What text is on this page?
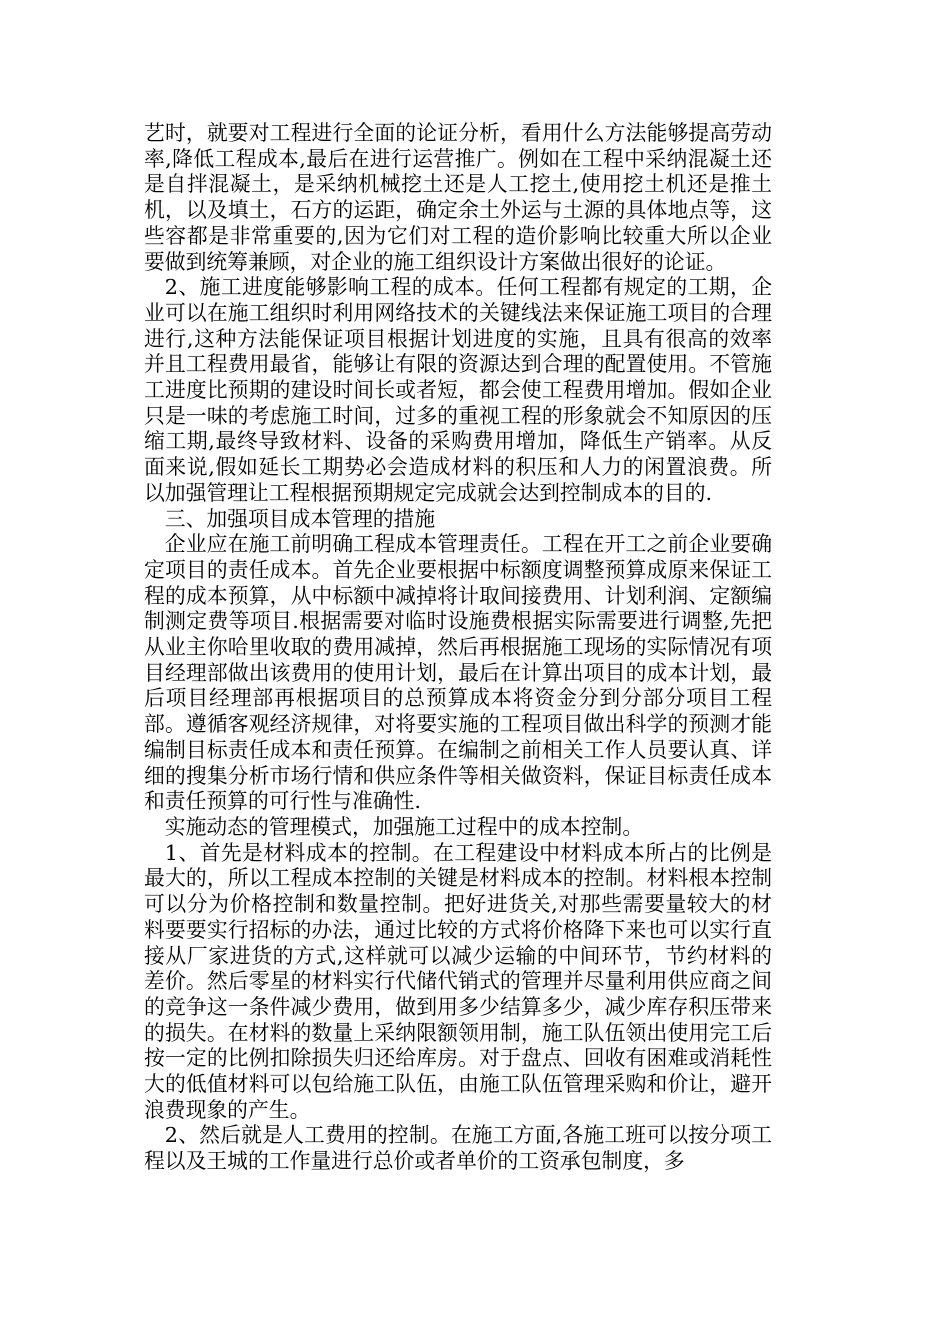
艺时，就要对工程进行全面的论证分析，看用什么方法能够提高劳动率,降低工程成本,最后在进行运营推广。例如在工程中采纳混凝土还是自拌混凝土，是采纳机械挖土还是人工挖土,使用挖土机还是推土机，以及填土，石方的运距，确定余土外运与土源的具体地点等，这些容都是非常重要的,因为它们对工程的造价影响比较重大所以企业要做到统筹兼顾，对企业的施工组织设计方案做出很好的论证。

2、施工进度能够影响工程的成本。任何工程都有规定的工期，企业可以在施工组织时利用网络技术的关键线法来保证施工项目的合理进行,这种方法能保证项目根据计划进度的实施，且具有很高的效率并且工程费用最省，能够让有限的资源达到合理的配置使用。不管施工进度比预期的建设时间长或者短，都会使工程费用增加。假如企业只是一味的考虑施工时间，过多的重视工程的形象就会不知原因的压缩工期,最终导致材料、设备的采购费用增加，降低生产销率。从反面来说,假如延长工期势必会造成材料的积压和人力的闲置浪费。所以加强管理让工程根据预期规定完成就会达到控制成本的目的.

三、加强项目成本管理的措施

企业应在施工前明确工程成本管理责任。工程在开工之前企业要确定项目的责任成本。首先企业要根据中标额度调整预算成原来保证工程的成本预算，从中标额中减掉将计取间接费用、计划利润、定额编制测定费等项目.根据需要对临时设施费根据实际需要进行调整,先把从业主你哈里收取的费用减掉，然后再根据施工现场的实际情况有项目经理部做出该费用的使用计划，最后在计算出项目的成本计划，最后项目经理部再根据项目的总预算成本将资金分到分部分项目工程部。遵循客观经济规律，对将要实施的工程项目做出科学的预测才能编制目标责任成本和责任预算。在编制之前相关工作人员要认真、详细的搜集分析市场行情和供应条件等相关做资料，保证目标责任成本和责任预算的可行性与准确性.

实施动态的管理模式，加强施工过程中的成本控制。

1、首先是材料成本的控制。在工程建设中材料成本所占的比例是最大的，所以工程成本控制的关键是材料成本的控制。材料根本控制可以分为价格控制和数量控制。把好进货关,对那些需要量较大的材料要要实行招标的办法，通过比较的方式将价格降下来也可以实行直接从厂家进货的方式,这样就可以减少运输的中间环节，节约材料的差价。然后零星的材料实行代储代销式的管理并尽量利用供应商之间的竞争这一条件减少费用，做到用多少结算多少，减少库存积压带来的损失。在材料的数量上采纳限额领用制，施工队伍领出使用完工后按一定的比例扣除损失归还给库房。对于盘点、回收有困难或消耗性大的低值材料可以包给施工队伍，由施工队伍管理采购和价让，避开浪费现象的产生。

2、然后就是人工费用的控制。在施工方面,各施工班可以按分项工程以及王城的工作量进行总价或者单价的工资承包制度，多
